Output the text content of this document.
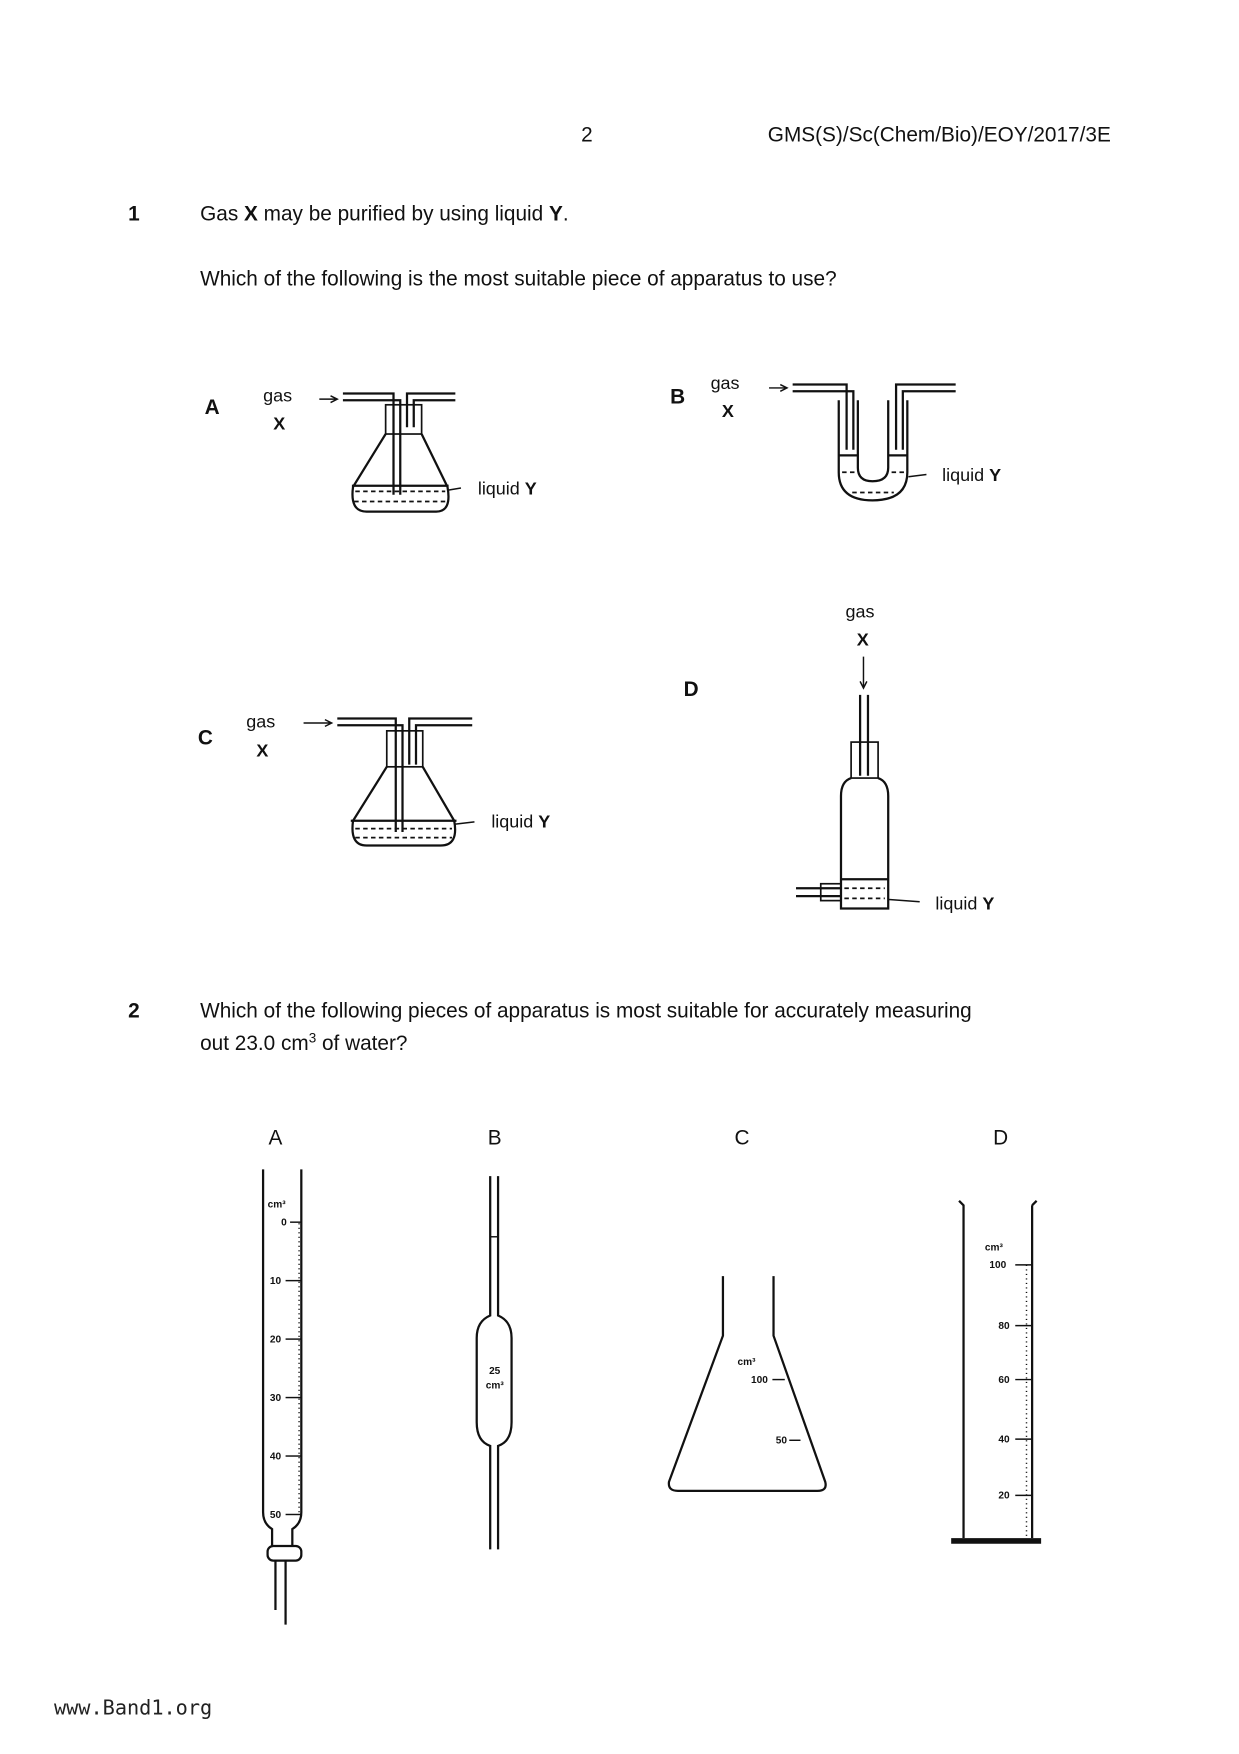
2	GMS(S)/Sc(Chem/Bio)/EOY/2017/3E
1	Gas X may be purified by using liquid Y.
Which of the following is the most suitable piece of apparatus to use?
A
gas
X
liquid Y
B
gas
X
liquid Y
C
gas
X
liquid Y
D
gas
X
liquid Y
2	Which of the following pieces of apparatus is most suitable for accurately measuring
out 23.0 $cm^3$ of water?
A
cm³
0
10
20
30
40
50
B
25
cm³
C
cm³
100
50
D
cm³
100
80
60
40
20
www.Band1.org
